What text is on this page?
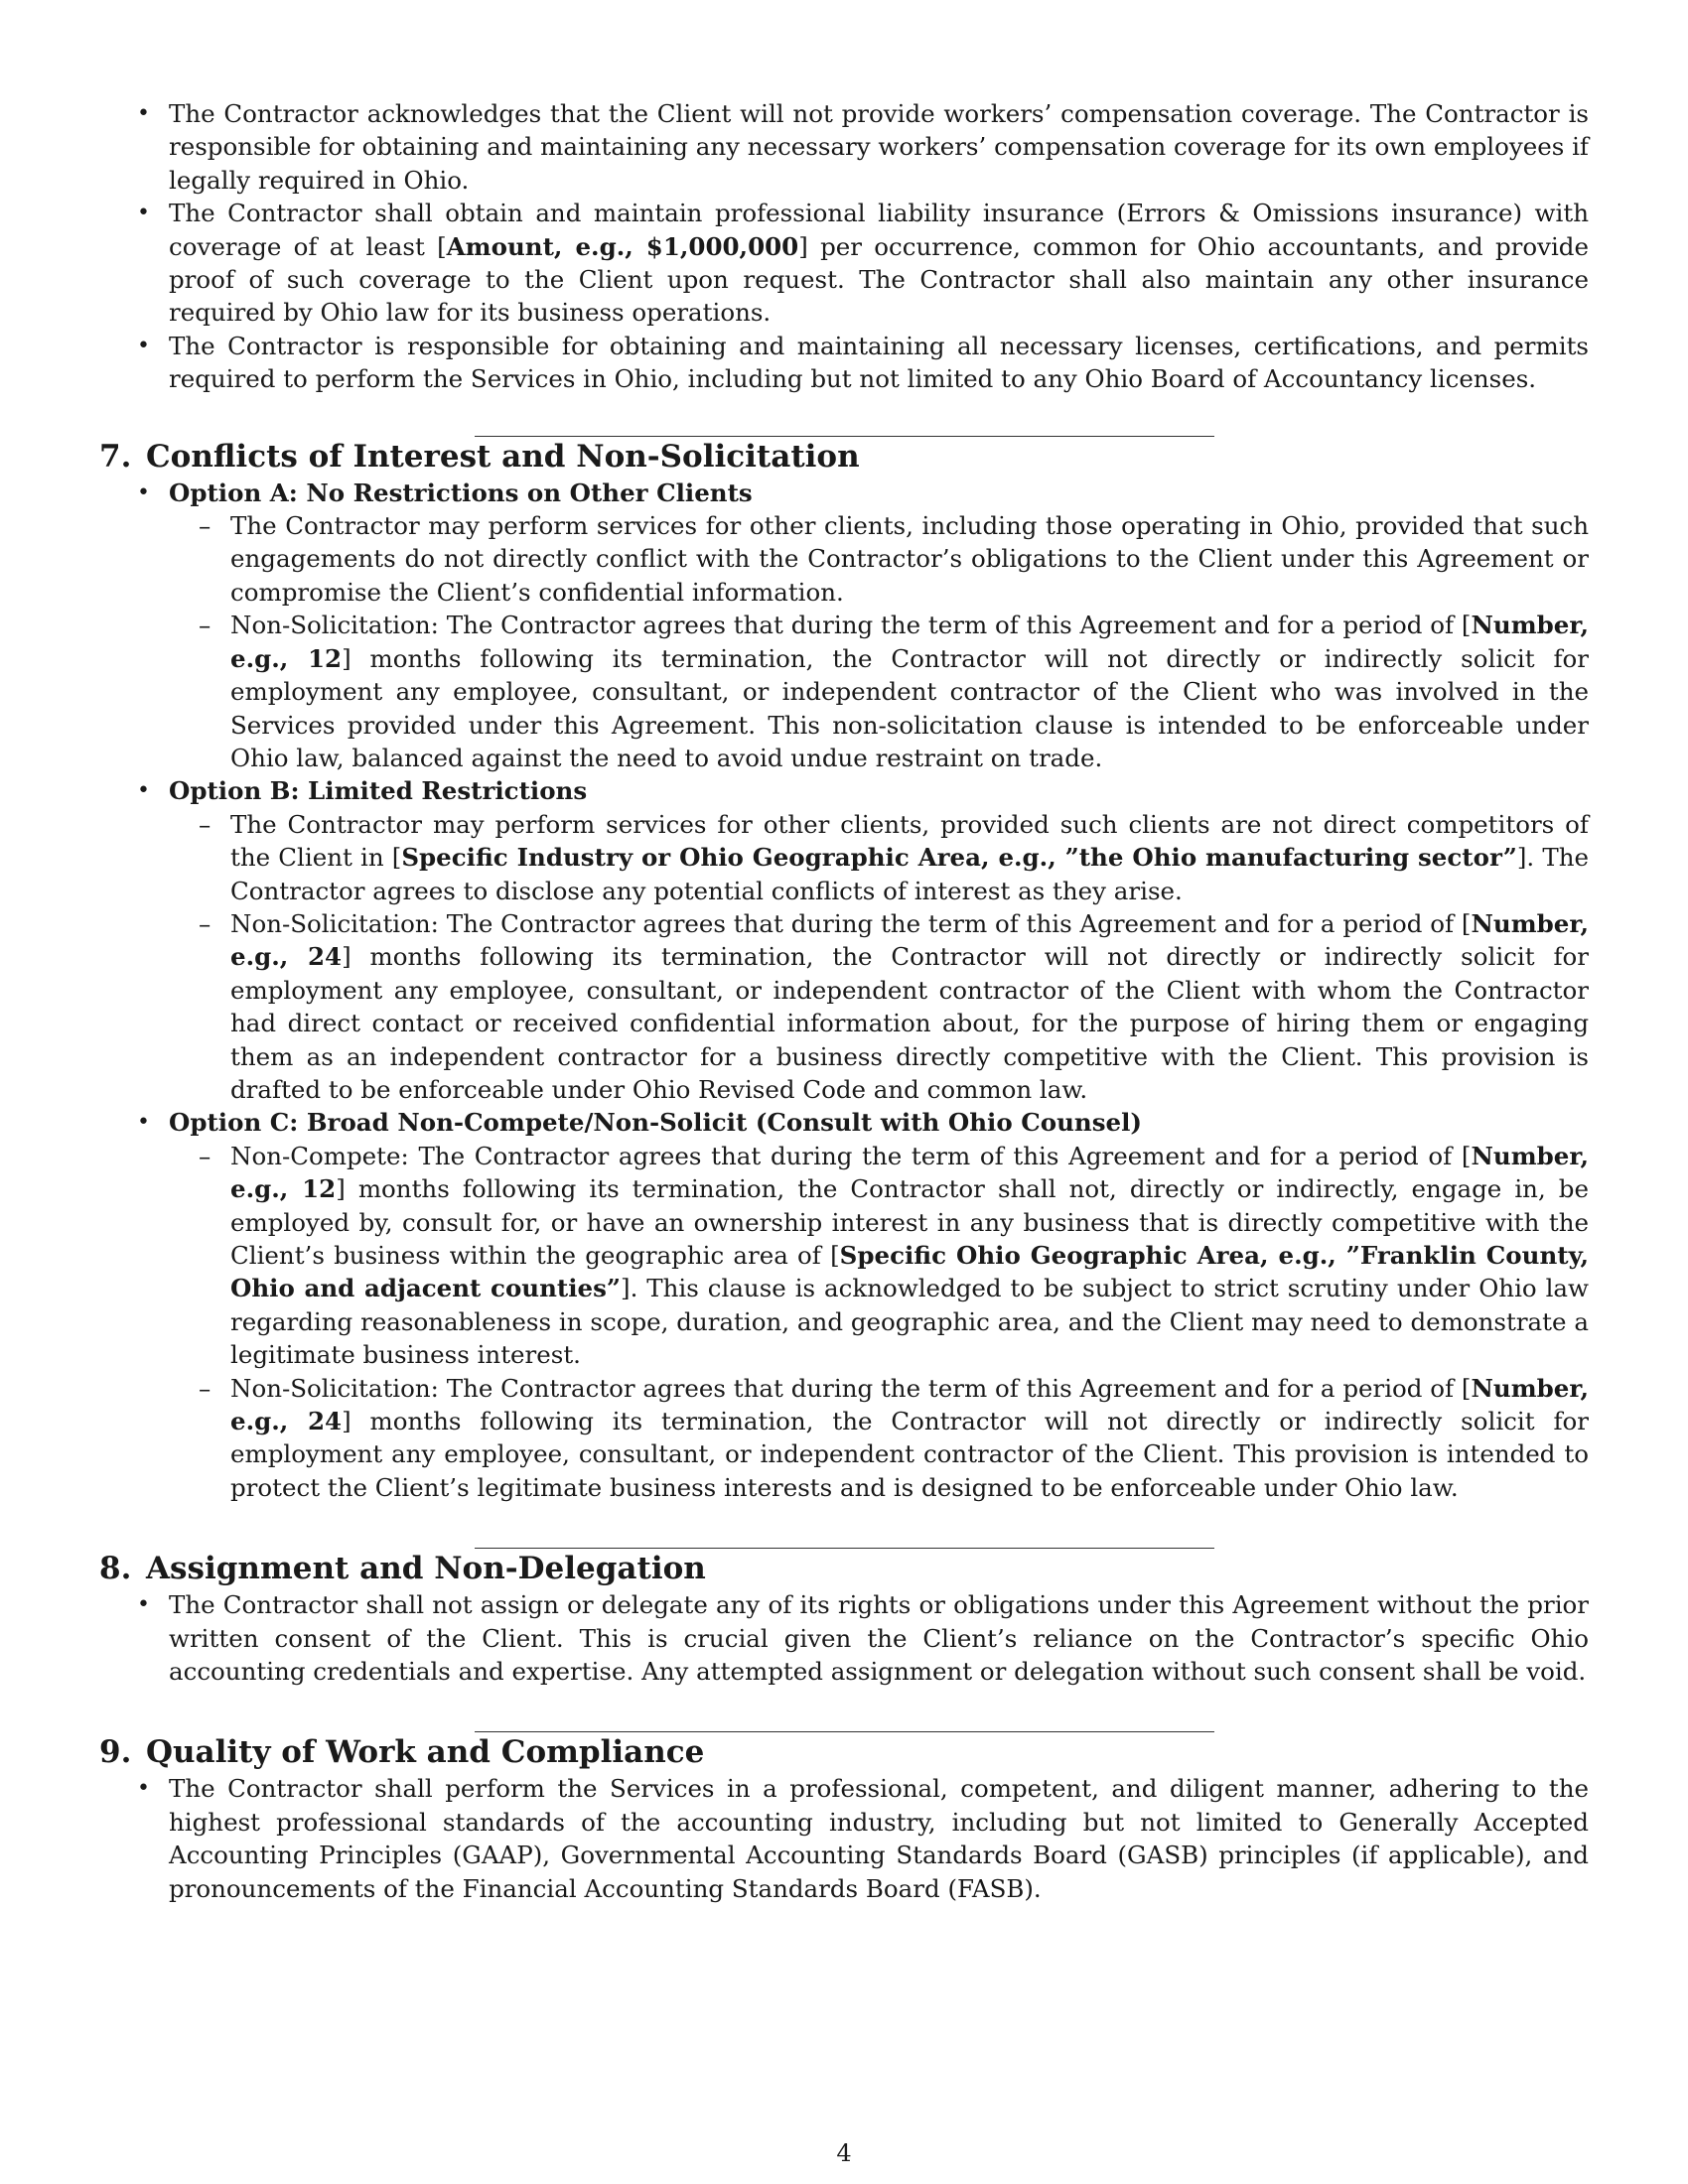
• The Contractor acknowledges that the Client will not provide workers’ compensation coverage. The Contractor is responsible for obtaining and maintaining any necessary workers’ compensation coverage for its own employees if legally required in Ohio.
• The Contractor shall obtain and maintain professional liability insurance (Errors & Omissions insurance) with coverage of at least [Amount, e.g., $1,000,000] per occurrence, common for Ohio accountants, and provide proof of such coverage to the Client upon request. The Contractor shall also maintain any other insurance required by Ohio law for its business operations.
• The Contractor is responsible for obtaining and maintaining all necessary licenses, certifications, and permits required to perform the Services in Ohio, including but not limited to any Ohio Board of Accountancy licenses.
7. Conflicts of Interest and Non-Solicitation
• Option A: No Restrictions on Other Clients
– The Contractor may perform services for other clients, including those operating in Ohio, provided that such engagements do not directly conflict with the Contractor’s obligations to the Client under this Agreement or compromise the Client’s confidential information.
– Non-Solicitation: The Contractor agrees that during the term of this Agreement and for a period of [Number, e.g., 12] months following its termination, the Contractor will not directly or indirectly solicit for employment any employee, consultant, or independent contractor of the Client who was involved in the Services provided under this Agreement. This non-solicitation clause is intended to be enforceable under Ohio law, balanced against the need to avoid undue restraint on trade.
• Option B: Limited Restrictions
– The Contractor may perform services for other clients, provided such clients are not direct competitors of the Client in [Specific Industry or Ohio Geographic Area, e.g., ”the Ohio manufacturing sector”]. The Contractor agrees to disclose any potential conflicts of interest as they arise.
– Non-Solicitation: The Contractor agrees that during the term of this Agreement and for a period of [Number, e.g., 24] months following its termination, the Contractor will not directly or indirectly solicit for employment any employee, consultant, or independent contractor of the Client with whom the Contractor had direct contact or received confidential information about, for the purpose of hiring them or engaging them as an independent contractor for a business directly competitive with the Client. This provision is drafted to be enforceable under Ohio Revised Code and common law.
• Option C: Broad Non-Compete/Non-Solicit (Consult with Ohio Counsel)
– Non-Compete: The Contractor agrees that during the term of this Agreement and for a period of [Number, e.g., 12] months following its termination, the Contractor shall not, directly or indirectly, engage in, be employed by, consult for, or have an ownership interest in any business that is directly competitive with the Client’s business within the geographic area of [Specific Ohio Geographic Area, e.g., ”Franklin County, Ohio and adjacent counties”]. This clause is acknowledged to be subject to strict scrutiny under Ohio law regarding reasonableness in scope, duration, and geographic area, and the Client may need to demonstrate a legitimate business interest.
– Non-Solicitation: The Contractor agrees that during the term of this Agreement and for a period of [Number, e.g., 24] months following its termination, the Contractor will not directly or indirectly solicit for employment any employee, consultant, or independent contractor of the Client. This provision is intended to protect the Client’s legitimate business interests and is designed to be enforceable under Ohio law.
8. Assignment and Non-Delegation
• The Contractor shall not assign or delegate any of its rights or obligations under this Agreement without the prior written consent of the Client. This is crucial given the Client’s reliance on the Contractor’s specific Ohio accounting credentials and expertise. Any attempted assignment or delegation without such consent shall be void.
9. Quality of Work and Compliance
• The Contractor shall perform the Services in a professional, competent, and diligent manner, adhering to the highest professional standards of the accounting industry, including but not limited to Generally Accepted Accounting Principles (GAAP), Governmental Accounting Standards Board (GASB) principles (if applicable), and pronouncements of the Financial Accounting Standards Board (FASB).
4
